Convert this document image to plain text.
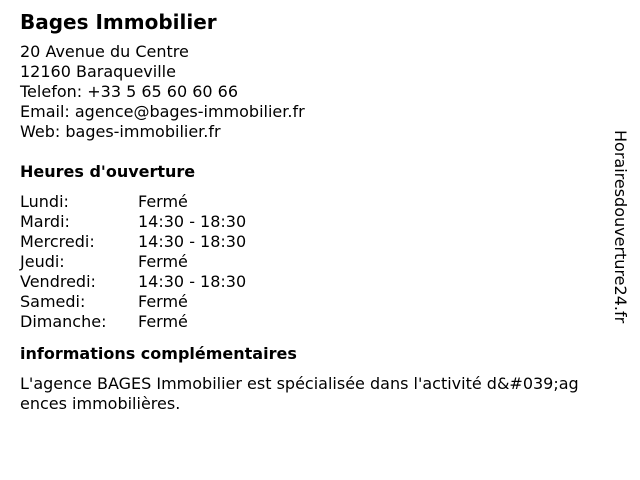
Bages Immobilier
20 Avenue du Centre
12160 Baraqueville
Telefon: +33 5 65 60 60 66
Email: agence@bages-immobilier.fr
Web: bages-immobilier.fr
Heures d'ouverture
Lundi:	Fermé
Mardi:	14:30 - 18:30
Mercredi:	14:30 - 18:30
Jeudi:	Fermé
Vendredi:	14:30 - 18:30
Samedi:	Fermé
Dimanche:	Fermé
informations complémentaires
L'agence BAGES Immobilier est spécialisée dans l'activité d&#039;agences immobilières.
Horairesdouverture24.fr
